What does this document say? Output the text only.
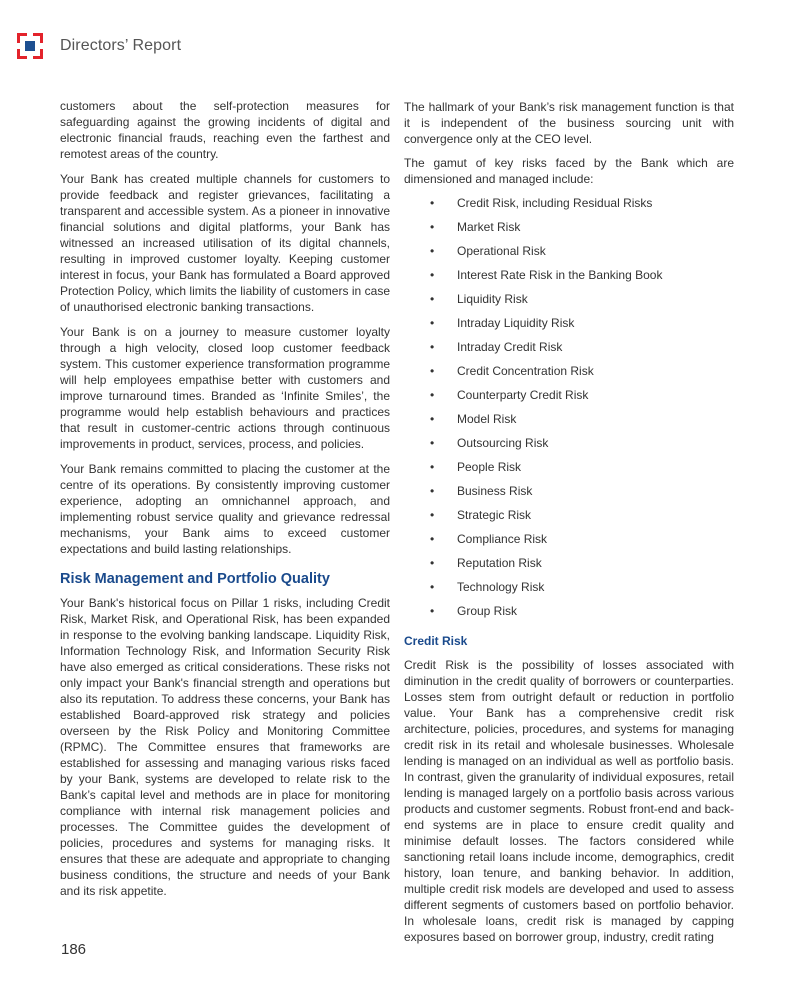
Directors’ Report

customers about the self-protection measures for safeguarding against the growing incidents of digital and electronic financial frauds, reaching even the farthest and remotest areas of the country.

Your Bank has created multiple channels for customers to provide feedback and register grievances, facilitating a transparent and accessible system. As a pioneer in innovative financial solutions and digital platforms, your Bank has witnessed an increased utilisation of its digital channels, resulting in improved customer loyalty. Keeping customer interest in focus, your Bank has formulated a Board approved Protection Policy, which limits the liability of customers in case of unauthorised electronic banking transactions.

Your Bank is on a journey to measure customer loyalty through a high velocity, closed loop customer feedback system. This customer experience transformation programme will help employees empathise better with customers and improve turnaround times. Branded as ‘Infinite Smiles’, the programme would help establish behaviours and practices that result in customer-centric actions through continuous improvements in product, services, process, and policies.

Your Bank remains committed to placing the customer at the centre of its operations. By consistently improving customer experience, adopting an omnichannel approach, and implementing robust service quality and grievance redressal mechanisms, your Bank aims to exceed customer expectations and build lasting relationships.

Risk Management and Portfolio Quality

Your Bank's historical focus on Pillar 1 risks, including Credit Risk, Market Risk, and Operational Risk, has been expanded in response to the evolving banking landscape. Liquidity Risk, Information Technology Risk, and Information Security Risk have also emerged as critical considerations. These risks not only impact your Bank's financial strength and operations but also its reputation. To address these concerns, your Bank has established Board-approved risk strategy and policies overseen by the Risk Policy and Monitoring Committee (RPMC). The Committee ensures that frameworks are established for assessing and managing various risks faced by your Bank, systems are developed to relate risk to the Bank’s capital level and methods are in place for monitoring compliance with internal risk management policies and processes. The Committee guides the development of policies, procedures and systems for managing risks. It ensures that these are adequate and appropriate to changing business conditions, the structure and needs of your Bank and its risk appetite.

The hallmark of your Bank’s risk management function is that it is independent of the business sourcing unit with convergence only at the CEO level.

The gamut of key risks faced by the Bank which are dimensioned and managed include:

• Credit Risk, including Residual Risks
• Market Risk
• Operational Risk
• Interest Rate Risk in the Banking Book
• Liquidity Risk
• Intraday Liquidity Risk
• Intraday Credit Risk
• Credit Concentration Risk
• Counterparty Credit Risk
• Model Risk
• Outsourcing Risk
• People Risk
• Business Risk
• Strategic Risk
• Compliance Risk
• Reputation Risk
• Technology Risk
• Group Risk
Credit Risk

Credit Risk is the possibility of losses associated with diminution in the credit quality of borrowers or counterparties. Losses stem from outright default or reduction in portfolio value. Your Bank has a comprehensive credit risk architecture, policies, procedures, and systems for managing credit risk in its retail and wholesale businesses. Wholesale lending is managed on an individual as well as portfolio basis. In contrast, given the granularity of individual exposures, retail lending is managed largely on a portfolio basis across various products and customer segments. Robust front-end and back-end systems are in place to ensure credit quality and minimise default losses. The factors considered while sanctioning retail loans include income, demographics, credit history, loan tenure, and banking behavior. In addition, multiple credit risk models are developed and used to assess different segments of customers based on portfolio behavior. In wholesale loans, credit risk is managed by capping exposures based on borrower group, industry, credit rating

186
